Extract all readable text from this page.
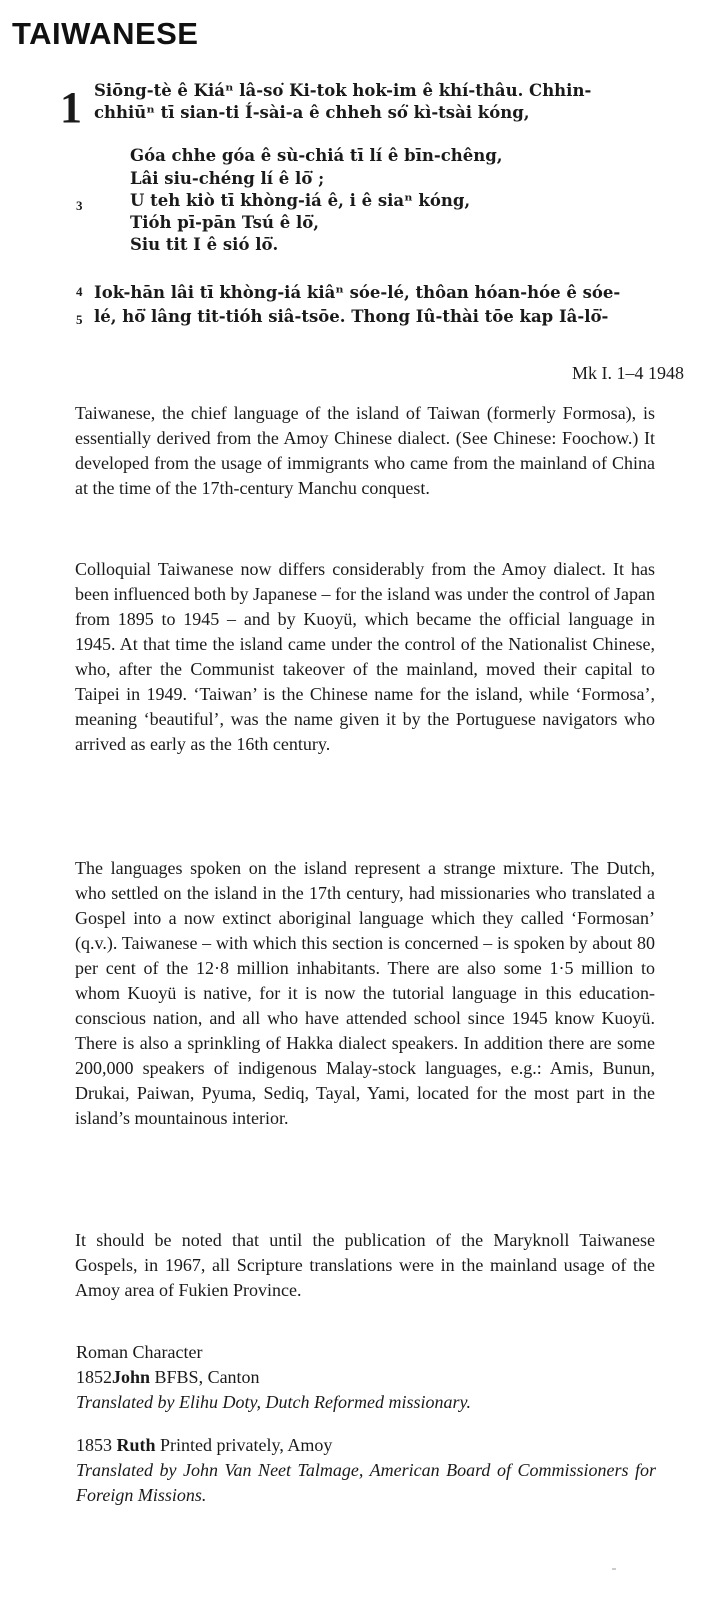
TAIWANESE
1 Siōng-tè ê Kiáⁿ lâ-so͘ Ki-tok hok-im ê khí-thâu. Chhin-
chhiūⁿ tī sian-ti Í-sài-a ê chheh só͘ kì-tsài kóng,
Góa chhe góa ê sù-chiá tī lí ê bīn-chêng,
Lâi siu-chéng lí ê lō͘ ;
3	U teh kiò tī khòng-iá ê, i ê siaⁿ kóng,
Tióh pī-pān Tsú ê lō͘,
Siu tit I ê sió lō͘.
4 Iok-hān lâi tī khòng-iá kiâⁿ sóe-lé, thôan hóan-hóe ê sóe-
5 lé, hō͘ lâng tit-tióh siâ-tsōe. Thong Iû-thài tōe kap Iâ-lō͘-
Mk I. 1–4 1948
Taiwanese, the chief language of the island of Taiwan (formerly Formosa), is essentially derived from the Amoy Chinese dialect. (See Chinese: Foochow.) It developed from the usage of immigrants who came from the mainland of China at the time of the 17th-century Manchu conquest.
Colloquial Taiwanese now differs considerably from the Amoy dialect. It has been influenced both by Japanese – for the island was under the control of Japan from 1895 to 1945 – and by Kuoyü, which became the official language in 1945. At that time the island came under the control of the Nationalist Chinese, who, after the Communist takeover of the mainland, moved their capital to Taipei in 1949. ‘Taiwan’ is the Chinese name for the island, while ‘Formosa’, meaning ‘beautiful’, was the name given it by the Portuguese navigators who arrived as early as the 16th century.
The languages spoken on the island represent a strange mixture. The Dutch, who settled on the island in the 17th century, had missionaries who translated a Gospel into a now extinct aboriginal language which they called ‘Formosan’ (q.v.). Taiwanese – with which this section is concerned – is spoken by about 80 per cent of the 12·8 million inhabitants. There are also some 1·5 million to whom Kuoyü is native, for it is now the tutorial language in this education-conscious nation, and all who have attended school since 1945 know Kuoyü. There is also a sprinkling of Hakka dialect speakers. In addition there are some 200,000 speakers of indigenous Malay-stock languages, e.g.: Amis, Bunun, Drukai, Paiwan, Pyuma, Sediq, Tayal, Yami, located for the most part in the island’s mountainous interior.
It should be noted that until the publication of the Maryknoll Taiwanese Gospels, in 1967, all Scripture translations were in the mainland usage of the Amoy area of Fukien Province.
Roman Character
1852John BFBS, Canton
Translated by Elihu Doty, Dutch Reformed missionary.
1853 Ruth Printed privately, Amoy
Translated by John Van Neet Talmage, American Board of Commissioners for Foreign Missions.
